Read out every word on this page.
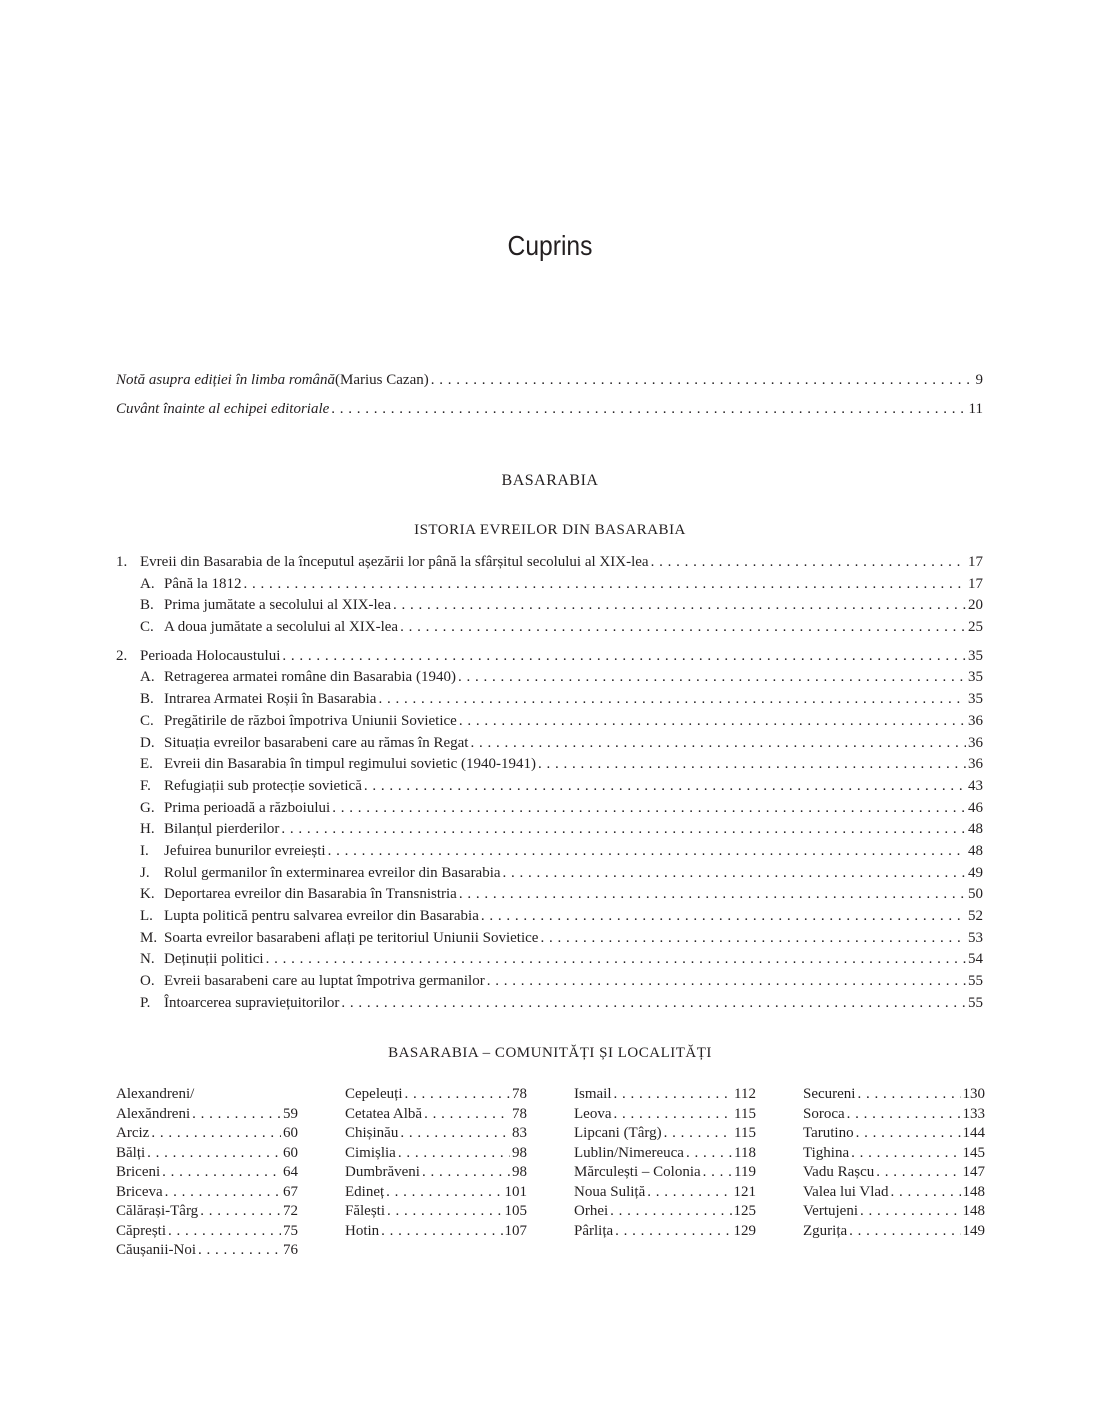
Cuprins
Notă asupra ediției în limba română (Marius Cazan) . . .	9
Cuvânt înainte al echipei editoriale . . .	11
BASARABIA
ISTORIA EVREILOR DIN BASARABIA
1. Evreii din Basarabia de la începutul așezării lor până la sfârșitul secolului al XIX-lea . . .	17
A. Până la 1812 . . .	17
B. Prima jumătate a secolului al XIX-lea . . .	20
C. A doua jumătate a secolului al XIX-lea . . .	25
2. Perioada Holocaustului . . .	35
A. Retragerea armatei române din Basarabia (1940) . . .	35
B. Intrarea Armatei Roșii în Basarabia . . .	35
C. Pregătirile de război împotriva Uniunii Sovietice . . .	36
D. Situația evreilor basarabeni care au rămas în Regat . . .	36
E. Evreii din Basarabia în timpul regimului sovietic (1940-1941) . . .	36
F. Refugiații sub protecție sovietică . . .	43
G. Prima perioadă a războiului . . .	46
H. Bilanțul pierderilor . . .	48
I.	Jefuirea bunurilor evreiești . . .	48
J. Rolul germanilor în exterminarea evreilor din Basarabia . . .	49
K. Deportarea evreilor din Basarabia în Transnistria . . .	50
L. Lupta politică pentru salvarea evreilor din Basarabia . . .	52
M. Soarta evreilor basarabeni aflați pe teritoriul Uniunii Sovietice . . .	53
N. Deținuții politici . . .	54
O. Evreii basarabeni care au luptat împotriva germanilor . . .	55
P. Întoarcerea supraviețuitorilor . . .	55
BASARABIA – COMUNITĂȚI ȘI LOCALITĂȚI
Alexandreni/
Alexăndreni . . .	59
Arciz . . .	60
Bălți . . .	60
Briceni . . .	64
Briceva . . .	67
Călărași-Târg . . .	72
Căprești . . .	75
Căușanii-Noi . . .	76
Cepeleuți . . .	78
Cetatea Albă . . .	78
Chișinău . . .	83
Cimișlia . . .	98
Dumbrăveni . . .	98
Edineț . . .	101
Fălești . . .	105
Hotin . . .	107
Ismail . . .	112
Leova . . .	115
Lipcani (Târg) . . .	115
Lublin/Nimereuca . . .	118
Mărculești – Colonia . . . 119
Noua Suliță . . .	121
Orhei . . .	125
Pârlița . . .	129
Secureni . . .	130
Soroca . . .	133
Tarutino . . .	144
Tighina . . .	145
Vadu Rașcu . . .	147
Valea lui Vlad . . .	148
Vertujeni . . .	148
Zgurița . . .	149
